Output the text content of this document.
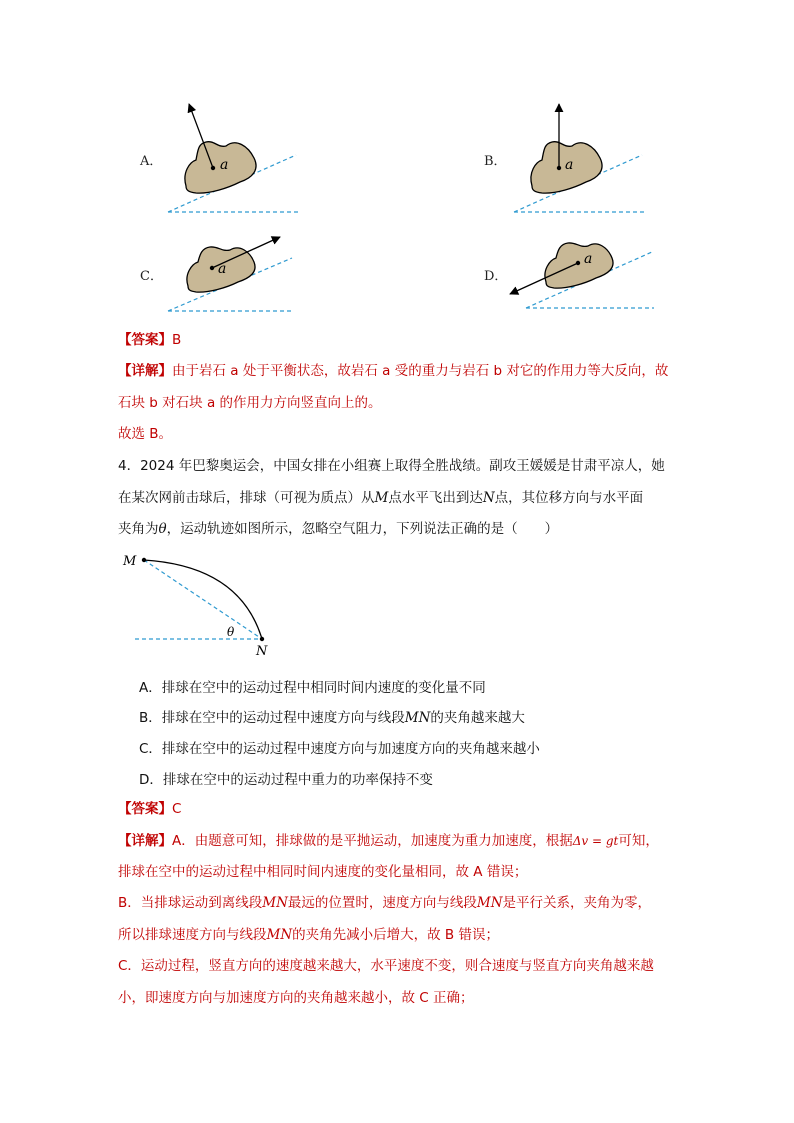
A．	B．
C．	D．
a	a
a
a
【答案】B
【详解】由于岩石 a 处于平衡状态，故岩石 a 受的重力与岩石 b 对它的作用力等大反向，故
石块 b 对石块 a 的作用力方向竖直向上的。
故选 B。
4．2024 年巴黎奥运会，中国女排在小组赛上取得全胜战绩。副攻王媛媛是甘肃平凉人，她
在某次网前击球后，排球（可视为质点）从M点水平飞出到达N点，其位移方向与水平面
夹角为θ，运动轨迹如图所示，忽略空气阻力，下列说法正确的是（　　）
M
N
θ
A．排球在空中的运动过程中相同时间内速度的变化量不同
B．排球在空中的运动过程中速度方向与线段MN的夹角越来越大
C．排球在空中的运动过程中速度方向与加速度方向的夹角越来越小
D．排球在空中的运动过程中重力的功率保持不变
【答案】C
【详解】A．由题意可知，排球做的是平抛运动，加速度为重力加速度，根据Δv = gt可知，
排球在空中的运动过程中相同时间内速度的变化量相同，故 A 错误；
B．当排球运动到离线段MN最远的位置时，速度方向与线段MN是平行关系，夹角为零，
所以排球速度方向与线段MN的夹角先减小后增大，故 B 错误；
C．运动过程，竖直方向的速度越来越大，水平速度不变，则合速度与竖直方向夹角越来越
小，即速度方向与加速度方向的夹角越来越小，故 C 正确；
